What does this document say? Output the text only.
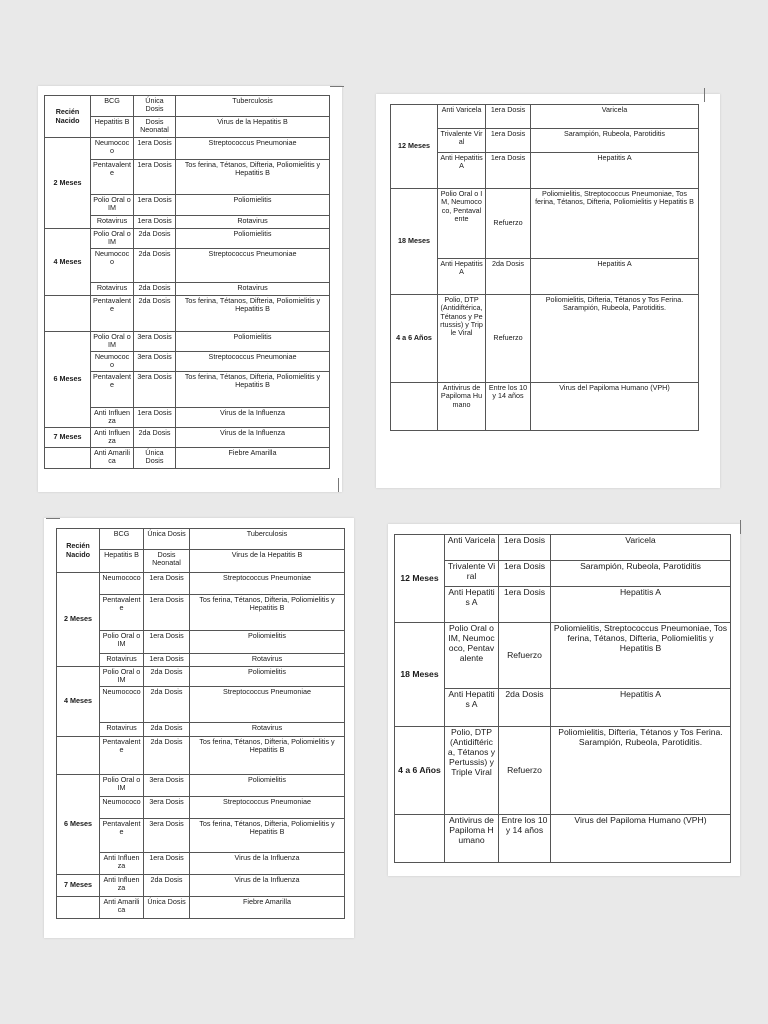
Recién Nacido	BCG	Única Dosis	Tuberculosis
	Hepatitis B	Dosis Neonatal	Virus de la Hepatitis B
2 Meses	Neumococo	1era Dosis	Streptococcus Pneumoniae
	Pentavalente	1era Dosis	Tos ferina, Tétanos, Difteria, Poliomielitis y Hepatitis B
	Polio Oral o IM	1era Dosis	Poliomielitis
	Rotavirus	1era Dosis	Rotavirus
4 Meses	Polio Oral o IM	2da Dosis	Poliomielitis
	Neumococo	2da Dosis	Streptococcus Pneumoniae
	Rotavirus	2da Dosis	Rotavirus
	Pentavalente	2da Dosis	Tos ferina, Tétanos, Difteria, Poliomielitis y Hepatitis B
6 Meses	Polio Oral o IM	3era Dosis	Poliomielitis
	Neumococo	3era Dosis	Streptococcus Pneumoniae
	Pentavalente	3era Dosis	Tos ferina, Tétanos, Difteria, Poliomielitis y Hepatitis B
	Anti Influenza	1era Dosis	Virus de la Influenza
7 Meses	Anti Influenza	2da Dosis	Virus de la Influenza
	Anti Amarilica	Única Dosis	Fiebre Amarilla
12 Meses	Anti Varicela	1era Dosis	Varicela
	Trivalente Viral	1era Dosis	Sarampión, Rubeola, Parotiditis
	Anti Hepatitis A	1era Dosis	Hepatitis A
18 Meses	Polio Oral o IM, Neumococo, Pentavalente	Refuerzo	Poliomielitis, Streptococcus Pneumoniae, Tos ferina, Tétanos, Difteria, Poliomielitis y Hepatitis B
	Anti Hepatitis A	2da Dosis	Hepatitis A
4 a 6 Años	Polio, DTP (Antidiftérica, Tétanos y Pertussis) y Triple Viral	Refuerzo	Poliomielitis, Difteria, Tétanos y Tos Ferina. Sarampión, Rubeola, Parotiditis.
	Antivirus de Papiloma Humano	Entre los 10 y 14 años	Virus del Papiloma Humano (VPH)
Recién Nacido	BCG	Única Dosis	Tuberculosis
	Hepatitis B	Dosis Neonatal	Virus de la Hepatitis B
2 Meses	Neumococo	1era Dosis	Streptococcus Pneumoniae
	Pentavalente	1era Dosis	Tos ferina, Tétanos, Difteria, Poliomielitis y Hepatitis B
	Polio Oral o IM	1era Dosis	Poliomielitis
	Rotavirus	1era Dosis	Rotavirus
4 Meses	Polio Oral o IM	2da Dosis	Poliomielitis
	Neumococo	2da Dosis	Streptococcus Pneumoniae
	Rotavirus	2da Dosis	Rotavirus
	Pentavalente	2da Dosis	Tos ferina, Tétanos, Difteria, Poliomielitis y Hepatitis B
6 Meses	Polio Oral o IM	3era Dosis	Poliomielitis
	Neumococo	3era Dosis	Streptococcus Pneumoniae
	Pentavalente	3era Dosis	Tos ferina, Tétanos, Difteria, Poliomielitis y Hepatitis B
	Anti Influenza	1era Dosis	Virus de la Influenza
7 Meses	Anti Influenza	2da Dosis	Virus de la Influenza
	Anti Amarilica	Única Dosis	Fiebre Amarilla
12 Meses	Anti Varicela	1era Dosis	Varicela
	Trivalente Viral	1era Dosis	Sarampión, Rubeola, Parotiditis
	Anti Hepatitis A	1era Dosis	Hepatitis A
18 Meses	Polio Oral o IM, Neumococo, Pentavalente	Refuerzo	Poliomielitis, Streptococcus Pneumoniae, Tos ferina, Tétanos, Difteria, Poliomielitis y Hepatitis B
	Anti Hepatitis A	2da Dosis	Hepatitis A
4 a 6 Años	Polio, DTP (Antidiftérica, Tétanos y Pertussis) y Triple Viral	Refuerzo	Poliomielitis, Difteria, Tétanos y Tos Ferina. Sarampión, Rubeola, Parotiditis.
	Antivirus de Papiloma Humano	Entre los 10 y 14 años	Virus del Papiloma Humano (VPH)
